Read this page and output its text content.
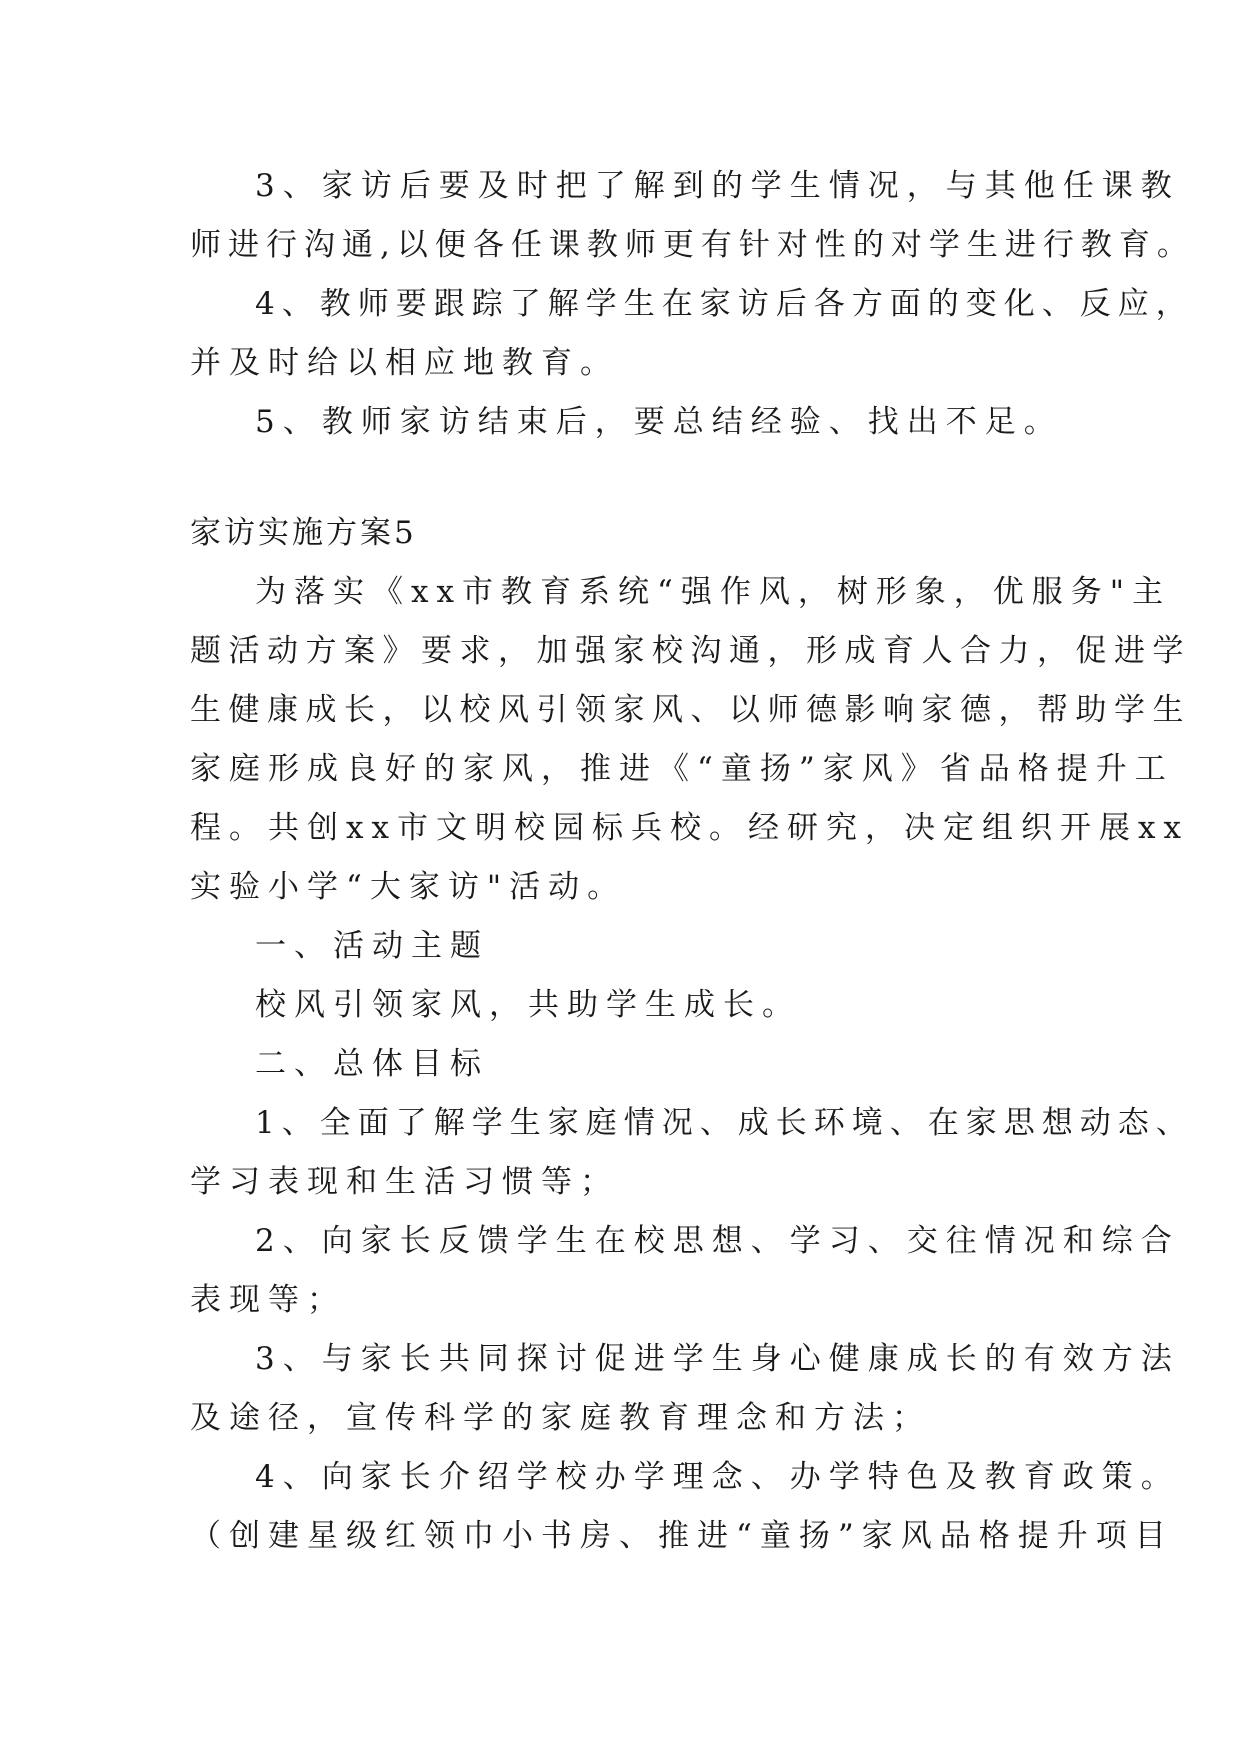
3、家访后要及时把了解到的学生情况，与其他任课教
师进行沟通,以便各任课教师更有针对性的对学生进行教育。
4、教师要跟踪了解学生在家访后各方面的变化、反应，
并及时给以相应地教育。
5、教师家访结束后，要总结经验、找出不足。
家访实施方案5
为落实《xx市教育系统“强作风，树形象，优服务"主
题活动方案》要求，加强家校沟通，形成育人合力，促进学
生健康成长，以校风引领家风、以师德影响家德，帮助学生
家庭形成良好的家风，推进《“童扬”家风》省品格提升工
程。共创xx市文明校园标兵校。经研究，决定组织开展xx
实验小学“大家访"活动。
一、活动主题
校风引领家风，共助学生成长。
二、总体目标
1、全面了解学生家庭情况、成长环境、在家思想动态、
学习表现和生活习惯等；
2、向家长反馈学生在校思想、学习、交往情况和综合
表现等；
3、与家长共同探讨促进学生身心健康成长的有效方法
及途径，宣传科学的家庭教育理念和方法；
4、向家长介绍学校办学理念、办学特色及教育政策。
（创建星级红领巾小书房、推进“童扬”家风品格提升项目
